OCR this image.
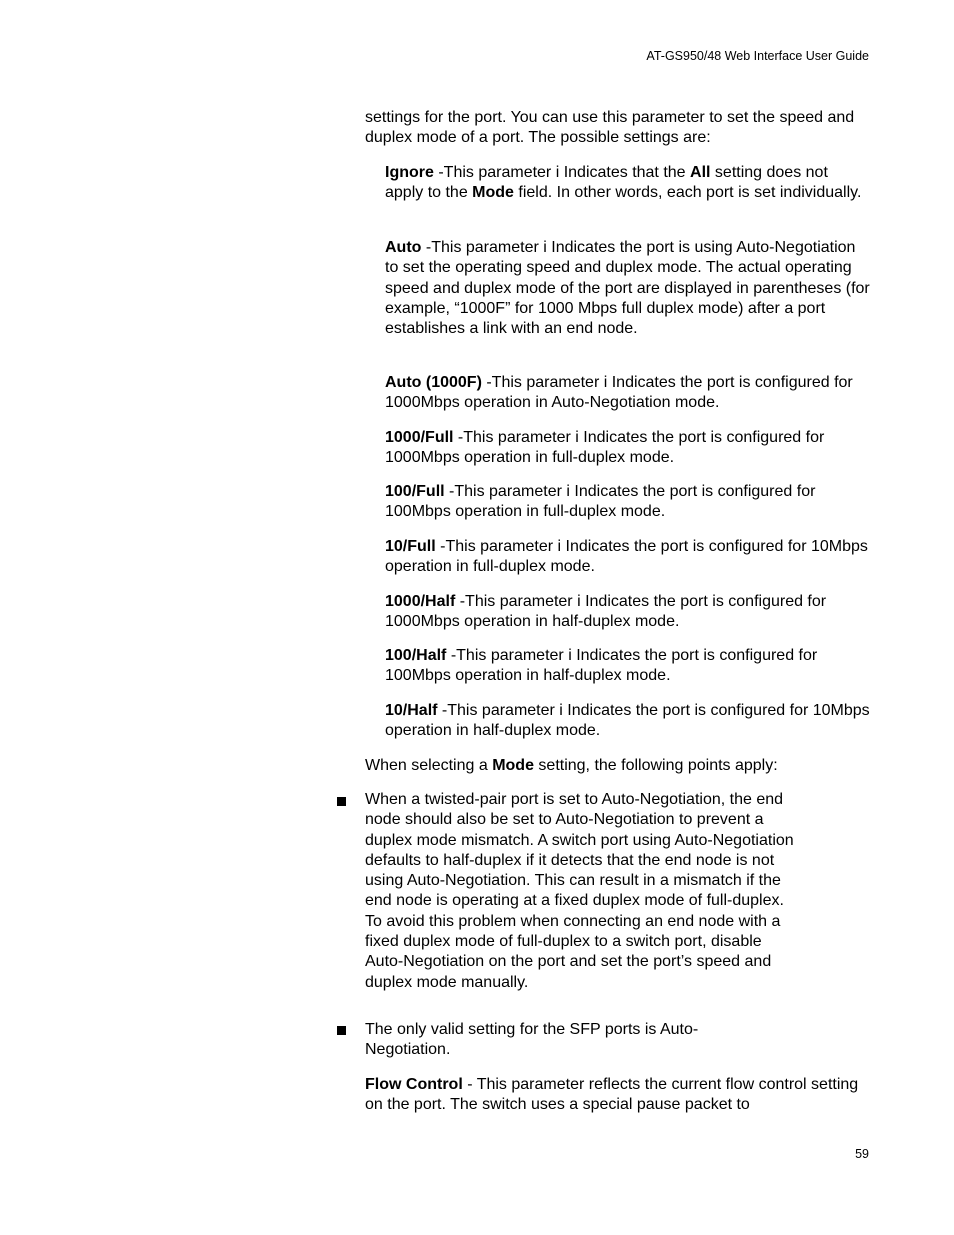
AT-GS950/48 Web Interface User Guide

settings for the port. You can use this parameter to set the speed and duplex mode of a port. The possible settings are:

Ignore -This parameter i Indicates that the All setting does not apply to the Mode field. In other words, each port is set individually.

Auto -This parameter i Indicates the port is using Auto-Negotiation to set the operating speed and duplex mode. The actual operating speed and duplex mode of the port are displayed in parentheses (for example, “1000F” for 1000 Mbps full duplex mode) after a port establishes a link with an end node.

Auto (1000F) -This parameter i Indicates the port is configured for 1000Mbps operation in Auto-Negotiation mode.

1000/Full -This parameter i Indicates the port is configured for 1000Mbps operation in full-duplex mode.

100/Full -This parameter i Indicates the port is configured for 100Mbps operation in full-duplex mode.

10/Full -This parameter i Indicates the port is configured for 10Mbps operation in full-duplex mode.

1000/Half -This parameter i Indicates the port is configured for 1000Mbps operation in half-duplex mode.

100/Half -This parameter i Indicates the port is configured for 100Mbps operation in half-duplex mode.

10/Half -This parameter i Indicates the port is configured for 10Mbps operation in half-duplex mode.

When selecting a Mode setting, the following points apply:

When a twisted-pair port is set to Auto-Negotiation, the end node should also be set to Auto-Negotiation to prevent a duplex mode mismatch. A switch port using Auto-Negotiation defaults to half-duplex if it detects that the end node is not using Auto-Negotiation. This can result in a mismatch if the end node is operating at a fixed duplex mode of full-duplex. To avoid this problem when connecting an end node with a fixed duplex mode of full-duplex to a switch port, disable Auto-Negotiation on the port and set the port’s speed and duplex mode manually.

The only valid setting for the SFP ports is Auto-Negotiation.

Flow Control - This parameter reflects the current flow control setting on the port. The switch uses a special pause packet to

59
